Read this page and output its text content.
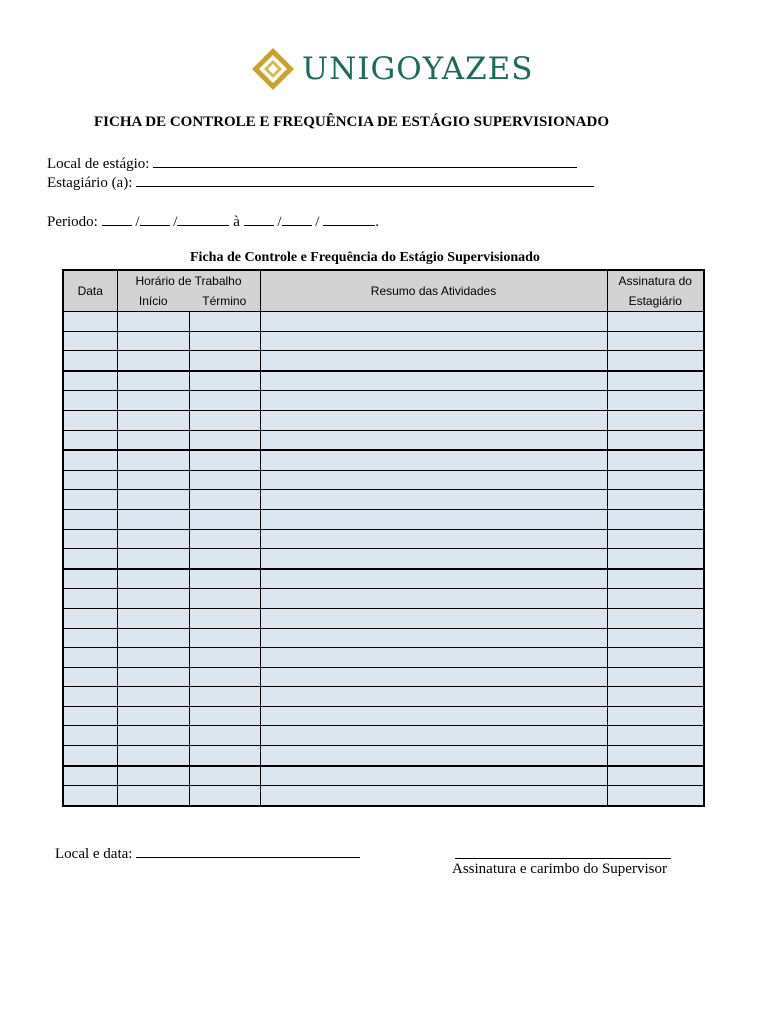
UNIGOYAZES
FICHA DE CONTROLE E FREQUÊNCIA DE ESTÁGIO SUPERVISIONADO
Local de estágio:
Estagiário (a):
Periodo:	/ /	à	/ /	.
Ficha de Controle e Frequência do Estágio Supervisionado
Data	Horário de Trabalho		Resumo das Atividades	Assinatura do
	Início	Término		Estagiário

Local e data:
Assinatura e carimbo do Supervisor
